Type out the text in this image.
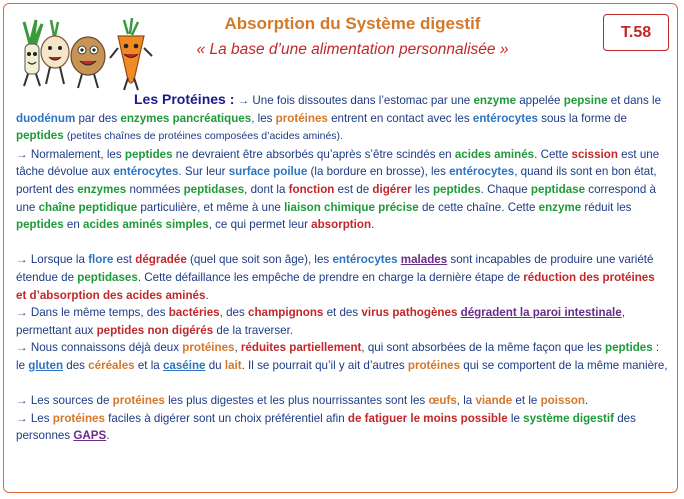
Absorption du Système digestif
« La base d’une alimentation personnalisée »
T.58
Les Protéines : → Une fois dissoutes dans l’estomac par une enzyme appelée pepsine et dans le duodénum par des enzymes pancréatiques, les protéines entrent en contact avec les entérocytes sous la forme de peptides (petites chaînes de protéines composées d’acides aminés).

→ Normalement, les peptides ne devraient être absorbés qu’après s’être scindés en acides aminés. Cette scission est une tâche dévolue aux entérocytes. Sur leur surface poilue (la bordure en brosse), les entérocytes, quand ils sont en bon état, portent des enzymes nommées peptidases, dont la fonction est de digérer les peptides. Chaque peptidase correspond à une chaîne peptidique particulière, et même à une liaison chimique précise de cette chaîne. Cette enzyme réduit les peptides en acides aminés simples, ce qui permet leur absorption.

→ Lorsque la flore est dégradée (quel que soit son âge), les entérocytes malades sont incapables de produire une variété étendue de peptidases. Cette défaillance les empêche de prendre en charge la dernière étape de réduction des protéines et d’absorption des acides aminés.

→ Dans le même temps, des bactéries, des champignons et des virus pathogènes dégradent la paroi intestinale, permettant aux peptides non digérés de la traverser.

→ Nous connaissons déjà deux protéines, réduites partiellement, qui sont absorbées de la même façon que les peptides : le gluten des céréales et la caséine du lait. Il se pourrait qu’il y ait d’autres protéines qui se comportent de la même manière,

→ Les sources de protéines les plus digestes et les plus nourrissantes sont les œufs, la viande et le poisson.

→ Les protéines faciles à digérer sont un choix préférentiel afin de fatiguer le moins possible le système digestif des personnes GAPS.
